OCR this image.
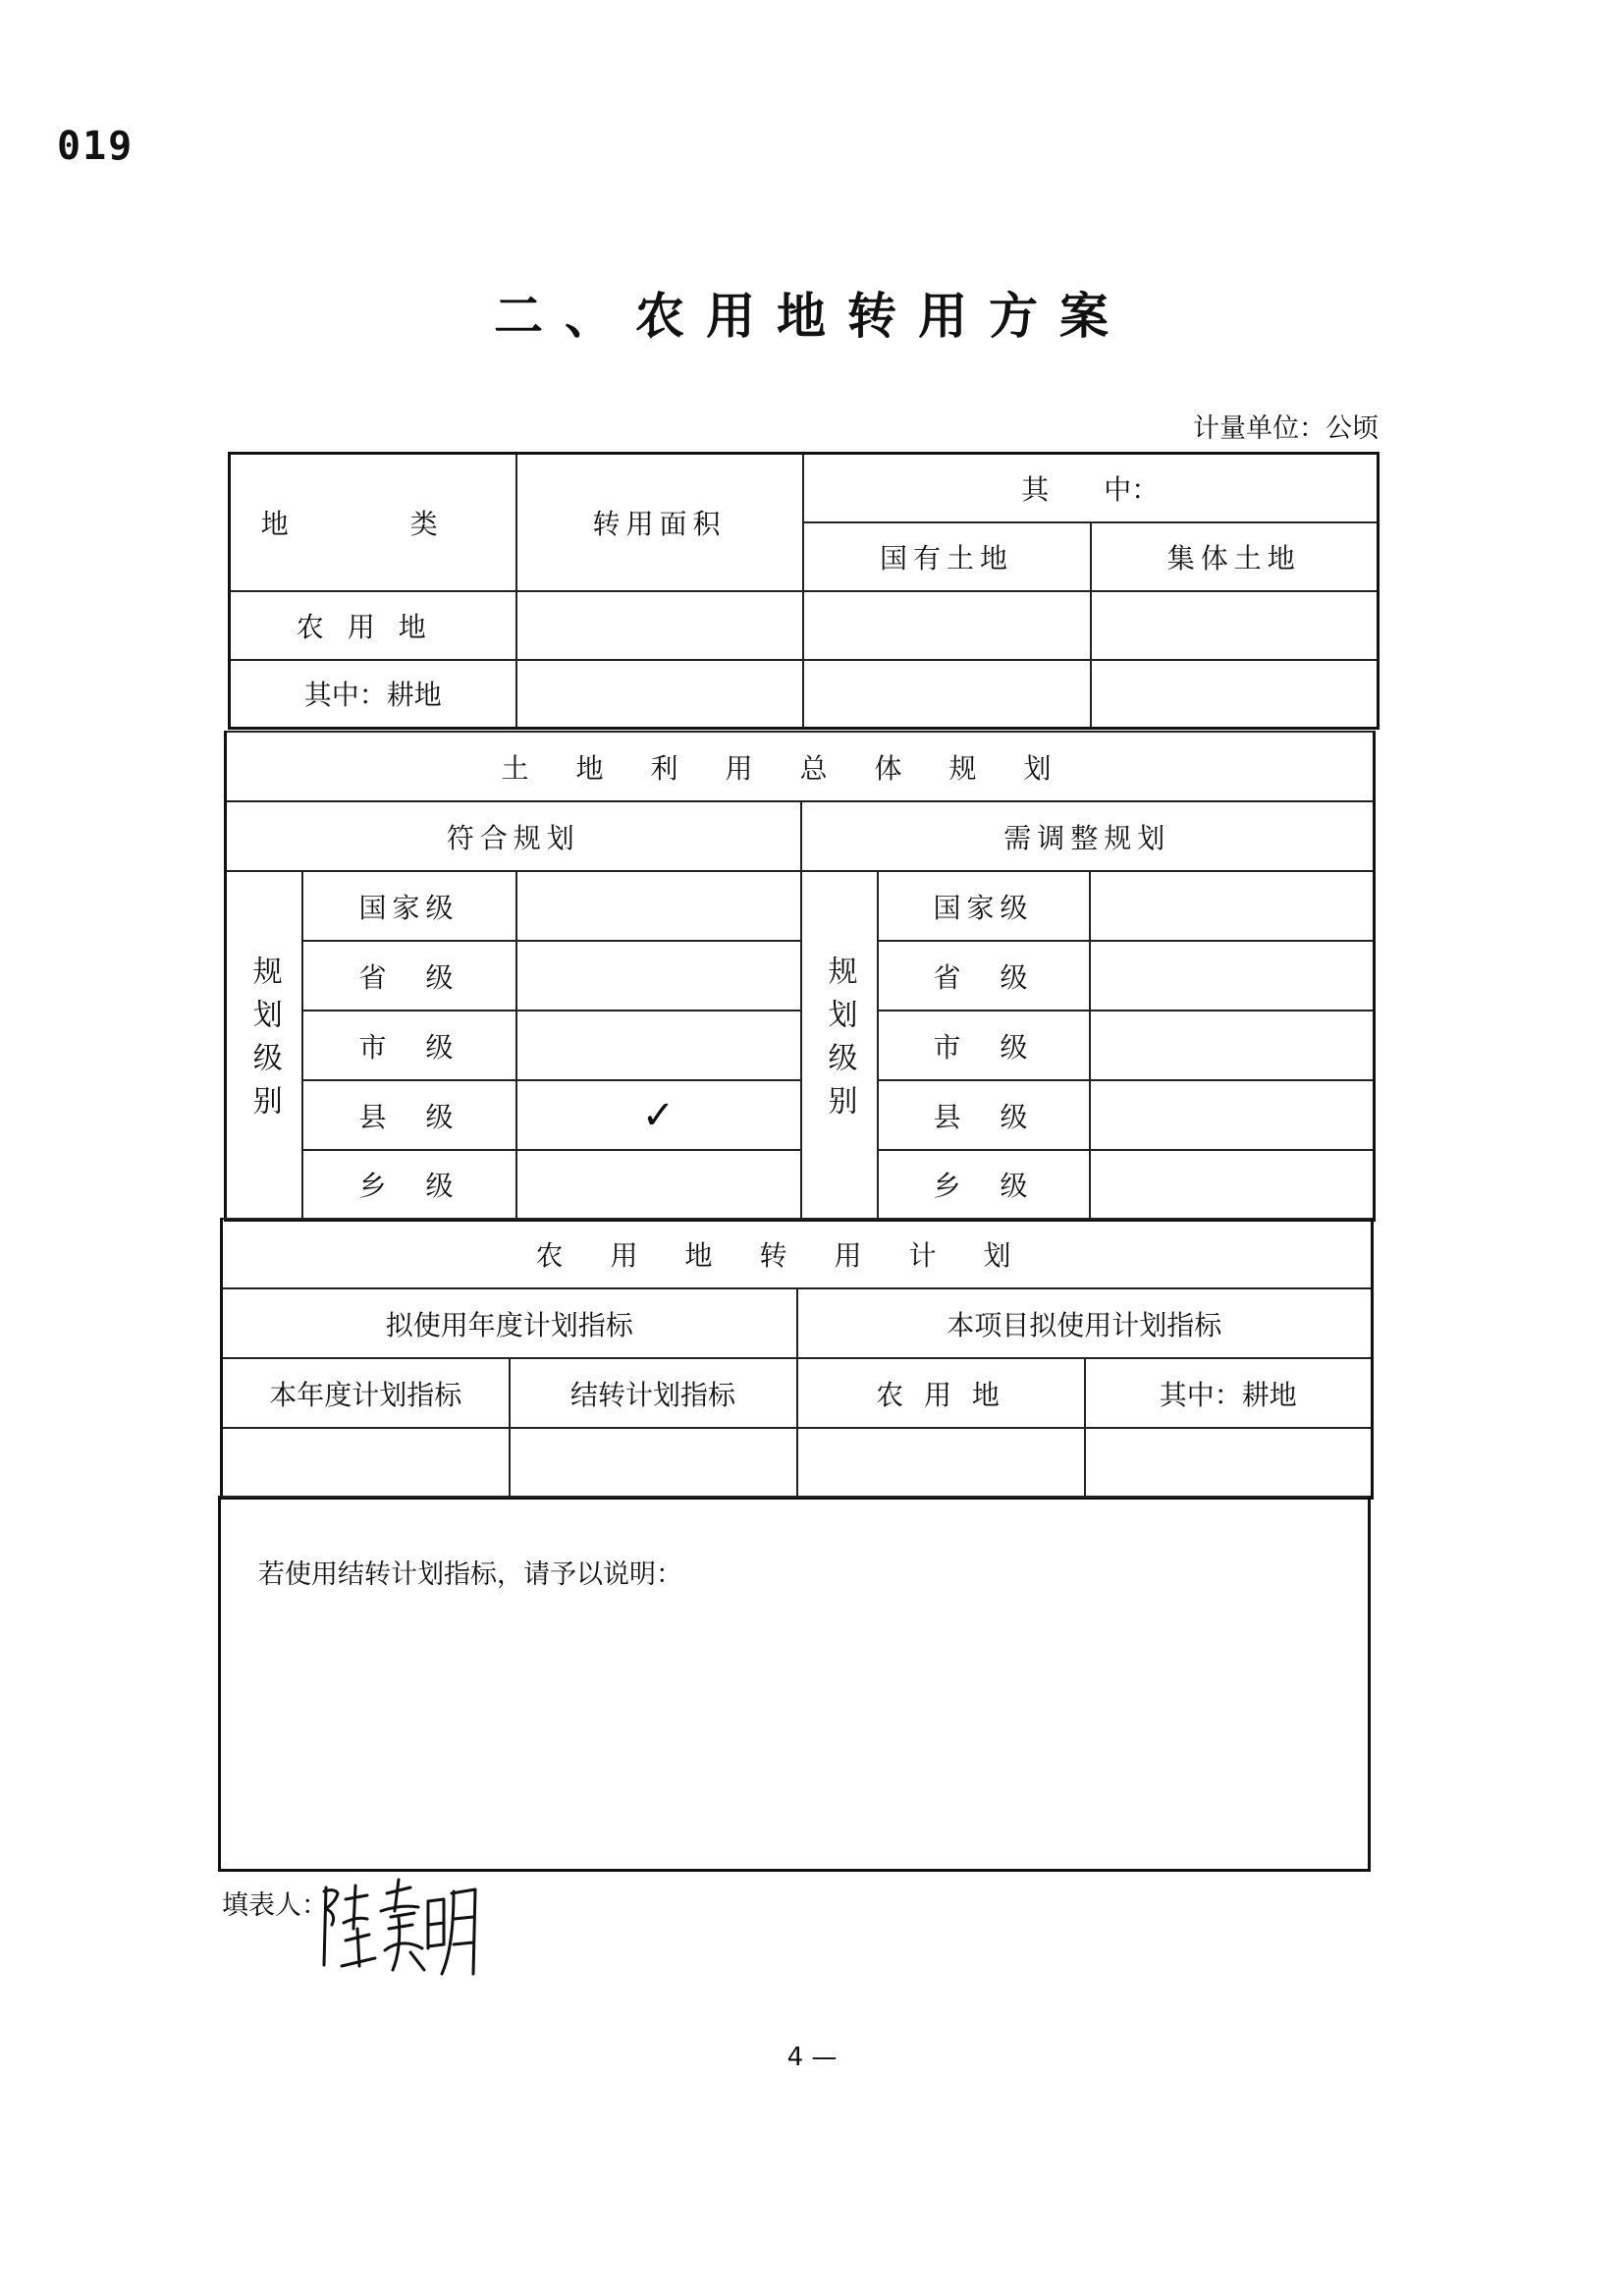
019
二、农用地转用方案
计量单位：公顷
地　类	转用面积	其　　中：	
		国有土地	集体土地
农用地			
其中：耕地			
土地利用总体规划					
符合规划			需调整规划		
规划级别	国家级		规划级别	国家级	
	省　级			省　级	
	市　级			市　级	
	县　级	✓		县　级	
	乡　级			乡　级	
农用地转用计划			
拟使用年度计划指标		本项目拟使用计划指标	
本年度计划指标	结转计划指标	农 用 地	其中：耕地

若使用结转计划指标，请予以说明：
填表人：
4 —
